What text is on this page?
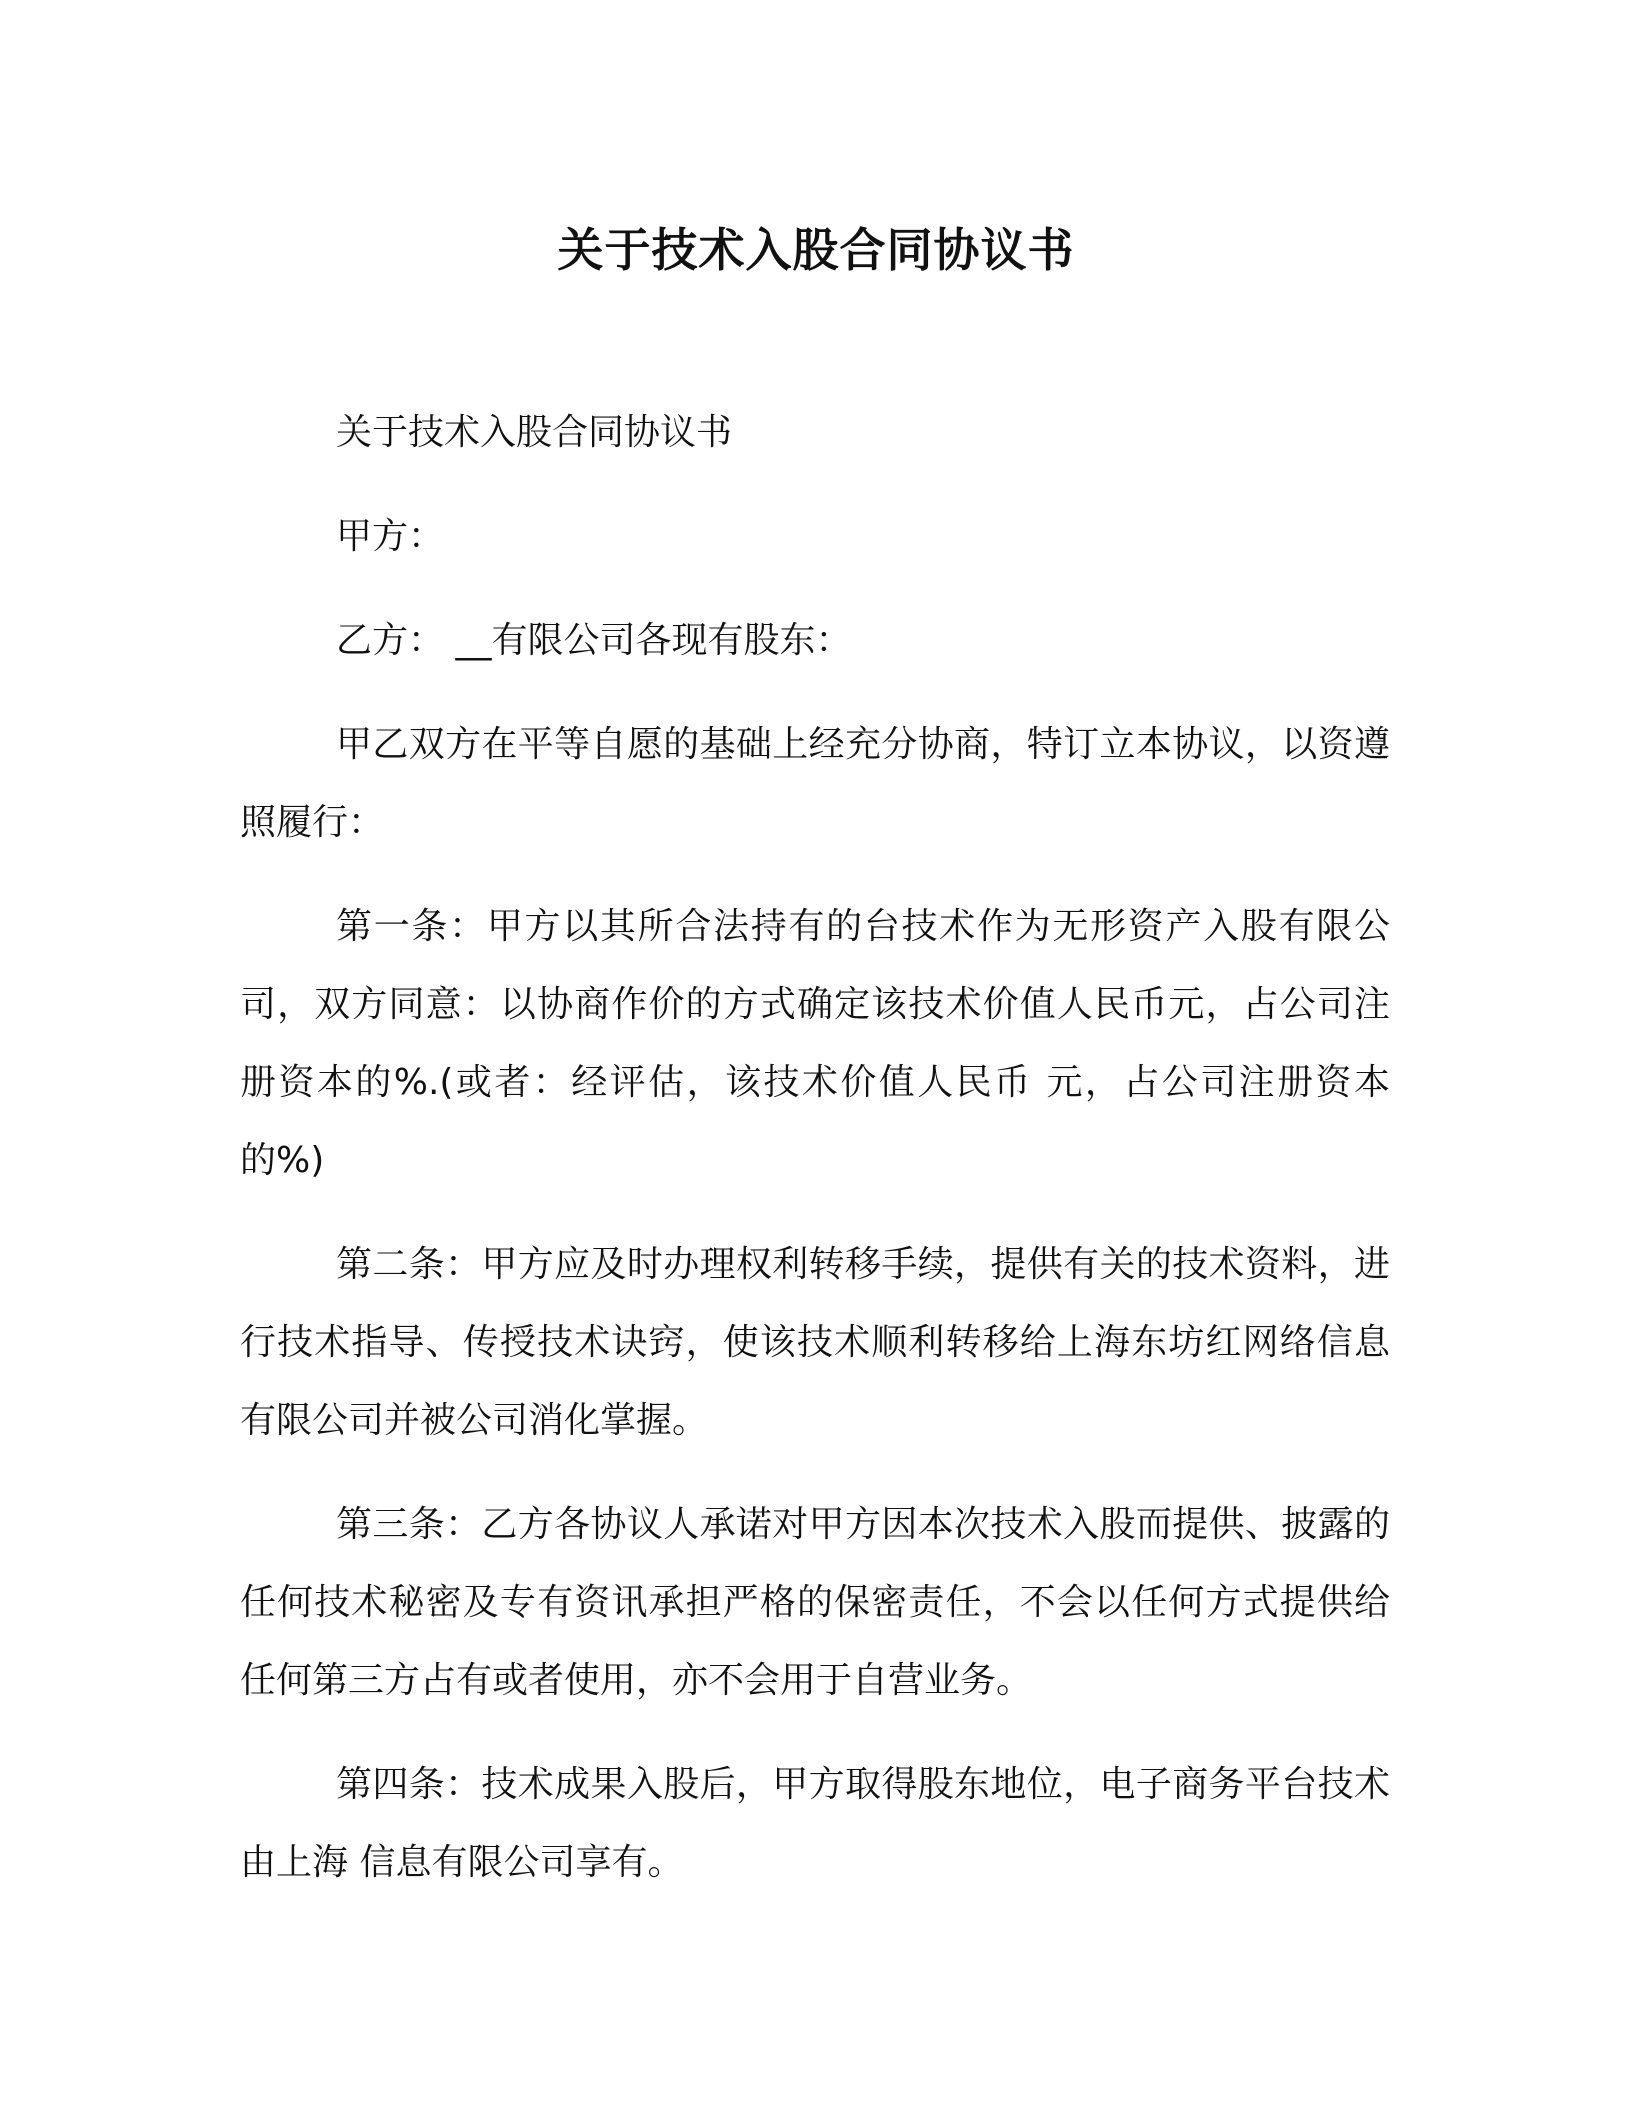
关于技术入股合同协议书

关于技术入股合同协议书

甲方：

乙方： __有限公司各现有股东：

甲乙双方在平等自愿的基础上经充分协商，特订立本协议，以资遵照履行：

第一条：甲方以其所合法持有的台技术作为无形资产入股有限公司，双方同意：以协商作价的方式确定该技术价值人民币元，占公司注册资本的%.(或者：经评估，该技术价值人民币 元，占公司注册资本的%)

第二条：甲方应及时办理权利转移手续，提供有关的技术资料，进行技术指导、传授技术诀窍，使该技术顺利转移给上海东坊红网络信息有限公司并被公司消化掌握。

第三条：乙方各协议人承诺对甲方因本次技术入股而提供、披露的任何技术秘密及专有资讯承担严格的保密责任，不会以任何方式提供给任何第三方占有或者使用，亦不会用于自营业务。

第四条：技术成果入股后，甲方取得股东地位，电子商务平台技术由上海 信息有限公司享有。
